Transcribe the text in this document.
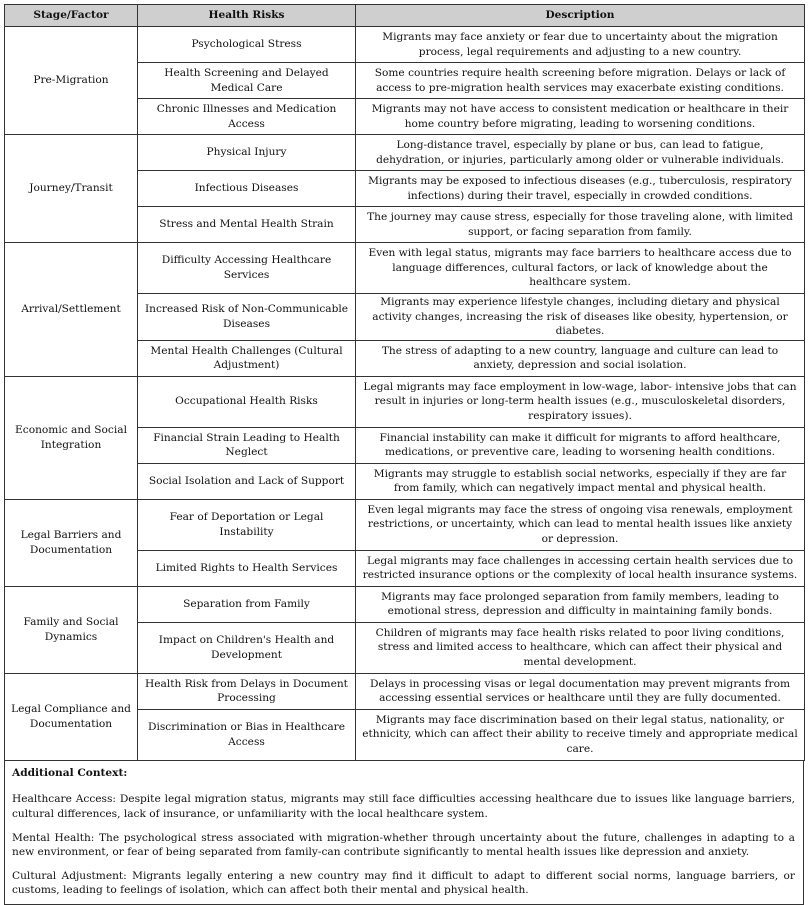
Stage/Factor	Health Risks	Description
Pre-Migration	Psychological Stress	Migrants may face anxiety or fear due to uncertainty about the migration process, legal requirements and adjusting to a new country.
	Health Screening and Delayed Medical Care	Some countries require health screening before migration. Delays or lack of access to pre-migration health services may exacerbate existing conditions.
	Chronic Illnesses and Medication Access	Migrants may not have access to consistent medication or healthcare in their home country before migrating, leading to worsening conditions.
Journey/Transit	Physical Injury	Long-distance travel, especially by plane or bus, can lead to fatigue, dehydration, or injuries, particularly among older or vulnerable individuals.
	Infectious Diseases	Migrants may be exposed to infectious diseases (e.g., tuberculosis, respiratory infections) during their travel, especially in crowded conditions.
	Stress and Mental Health Strain	The journey may cause stress, especially for those traveling alone, with limited support, or facing separation from family.
Arrival/Settlement	Difficulty Accessing Healthcare Services	Even with legal status, migrants may face barriers to healthcare access due to language differences, cultural factors, or lack of knowledge about the healthcare system.
	Increased Risk of Non-Communicable Diseases	Migrants may experience lifestyle changes, including dietary and physical activity changes, increasing the risk of diseases like obesity, hypertension, or diabetes.
	Mental Health Challenges (Cultural Adjustment)	The stress of adapting to a new country, language and culture can lead to anxiety, depression and social isolation.
Economic and Social Integration	Occupational Health Risks	Legal migrants may face employment in low-wage, labor- intensive jobs that can result in injuries or long-term health issues (e.g., musculoskeletal disorders, respiratory issues).
	Financial Strain Leading to Health Neglect	Financial instability can make it difficult for migrants to afford healthcare, medications, or preventive care, leading to worsening health conditions.
	Social Isolation and Lack of Support	Migrants may struggle to establish social networks, especially if they are far from family, which can negatively impact mental and physical health.
Legal Barriers and Documentation	Fear of Deportation or Legal Instability	Even legal migrants may face the stress of ongoing visa renewals, employment restrictions, or uncertainty, which can lead to mental health issues like anxiety or depression.
	Limited Rights to Health Services	Legal migrants may face challenges in accessing certain health services due to restricted insurance options or the complexity of local health insurance systems.
Family and Social Dynamics	Separation from Family	Migrants may face prolonged separation from family members, leading to emotional stress, depression and difficulty in maintaining family bonds.
	Impact on Children's Health and Development	Children of migrants may face health risks related to poor living conditions, stress and limited access to healthcare, which can affect their physical and mental development.
Legal Compliance and Documentation	Health Risk from Delays in Document Processing	Delays in processing visas or legal documentation may prevent migrants from accessing essential services or healthcare until they are fully documented.
	Discrimination or Bias in Healthcare Access	Migrants may face discrimination based on their legal status, nationality, or ethnicity, which can affect their ability to receive timely and appropriate medical care.
Additional Context:

Healthcare Access: Despite legal migration status, migrants may still face difficulties accessing healthcare due to issues like language barriers, cultural differences, lack of insurance, or unfamiliarity with the local healthcare system.

Mental Health: The psychological stress associated with migration-whether through uncertainty about the future, challenges in adapting to a new environment, or fear of being separated from family-can contribute significantly to mental health issues like depression and anxiety.

Cultural Adjustment: Migrants legally entering a new country may find it difficult to adapt to different social norms, language barriers, or customs, leading to feelings of isolation, which can affect both their mental and physical health.
